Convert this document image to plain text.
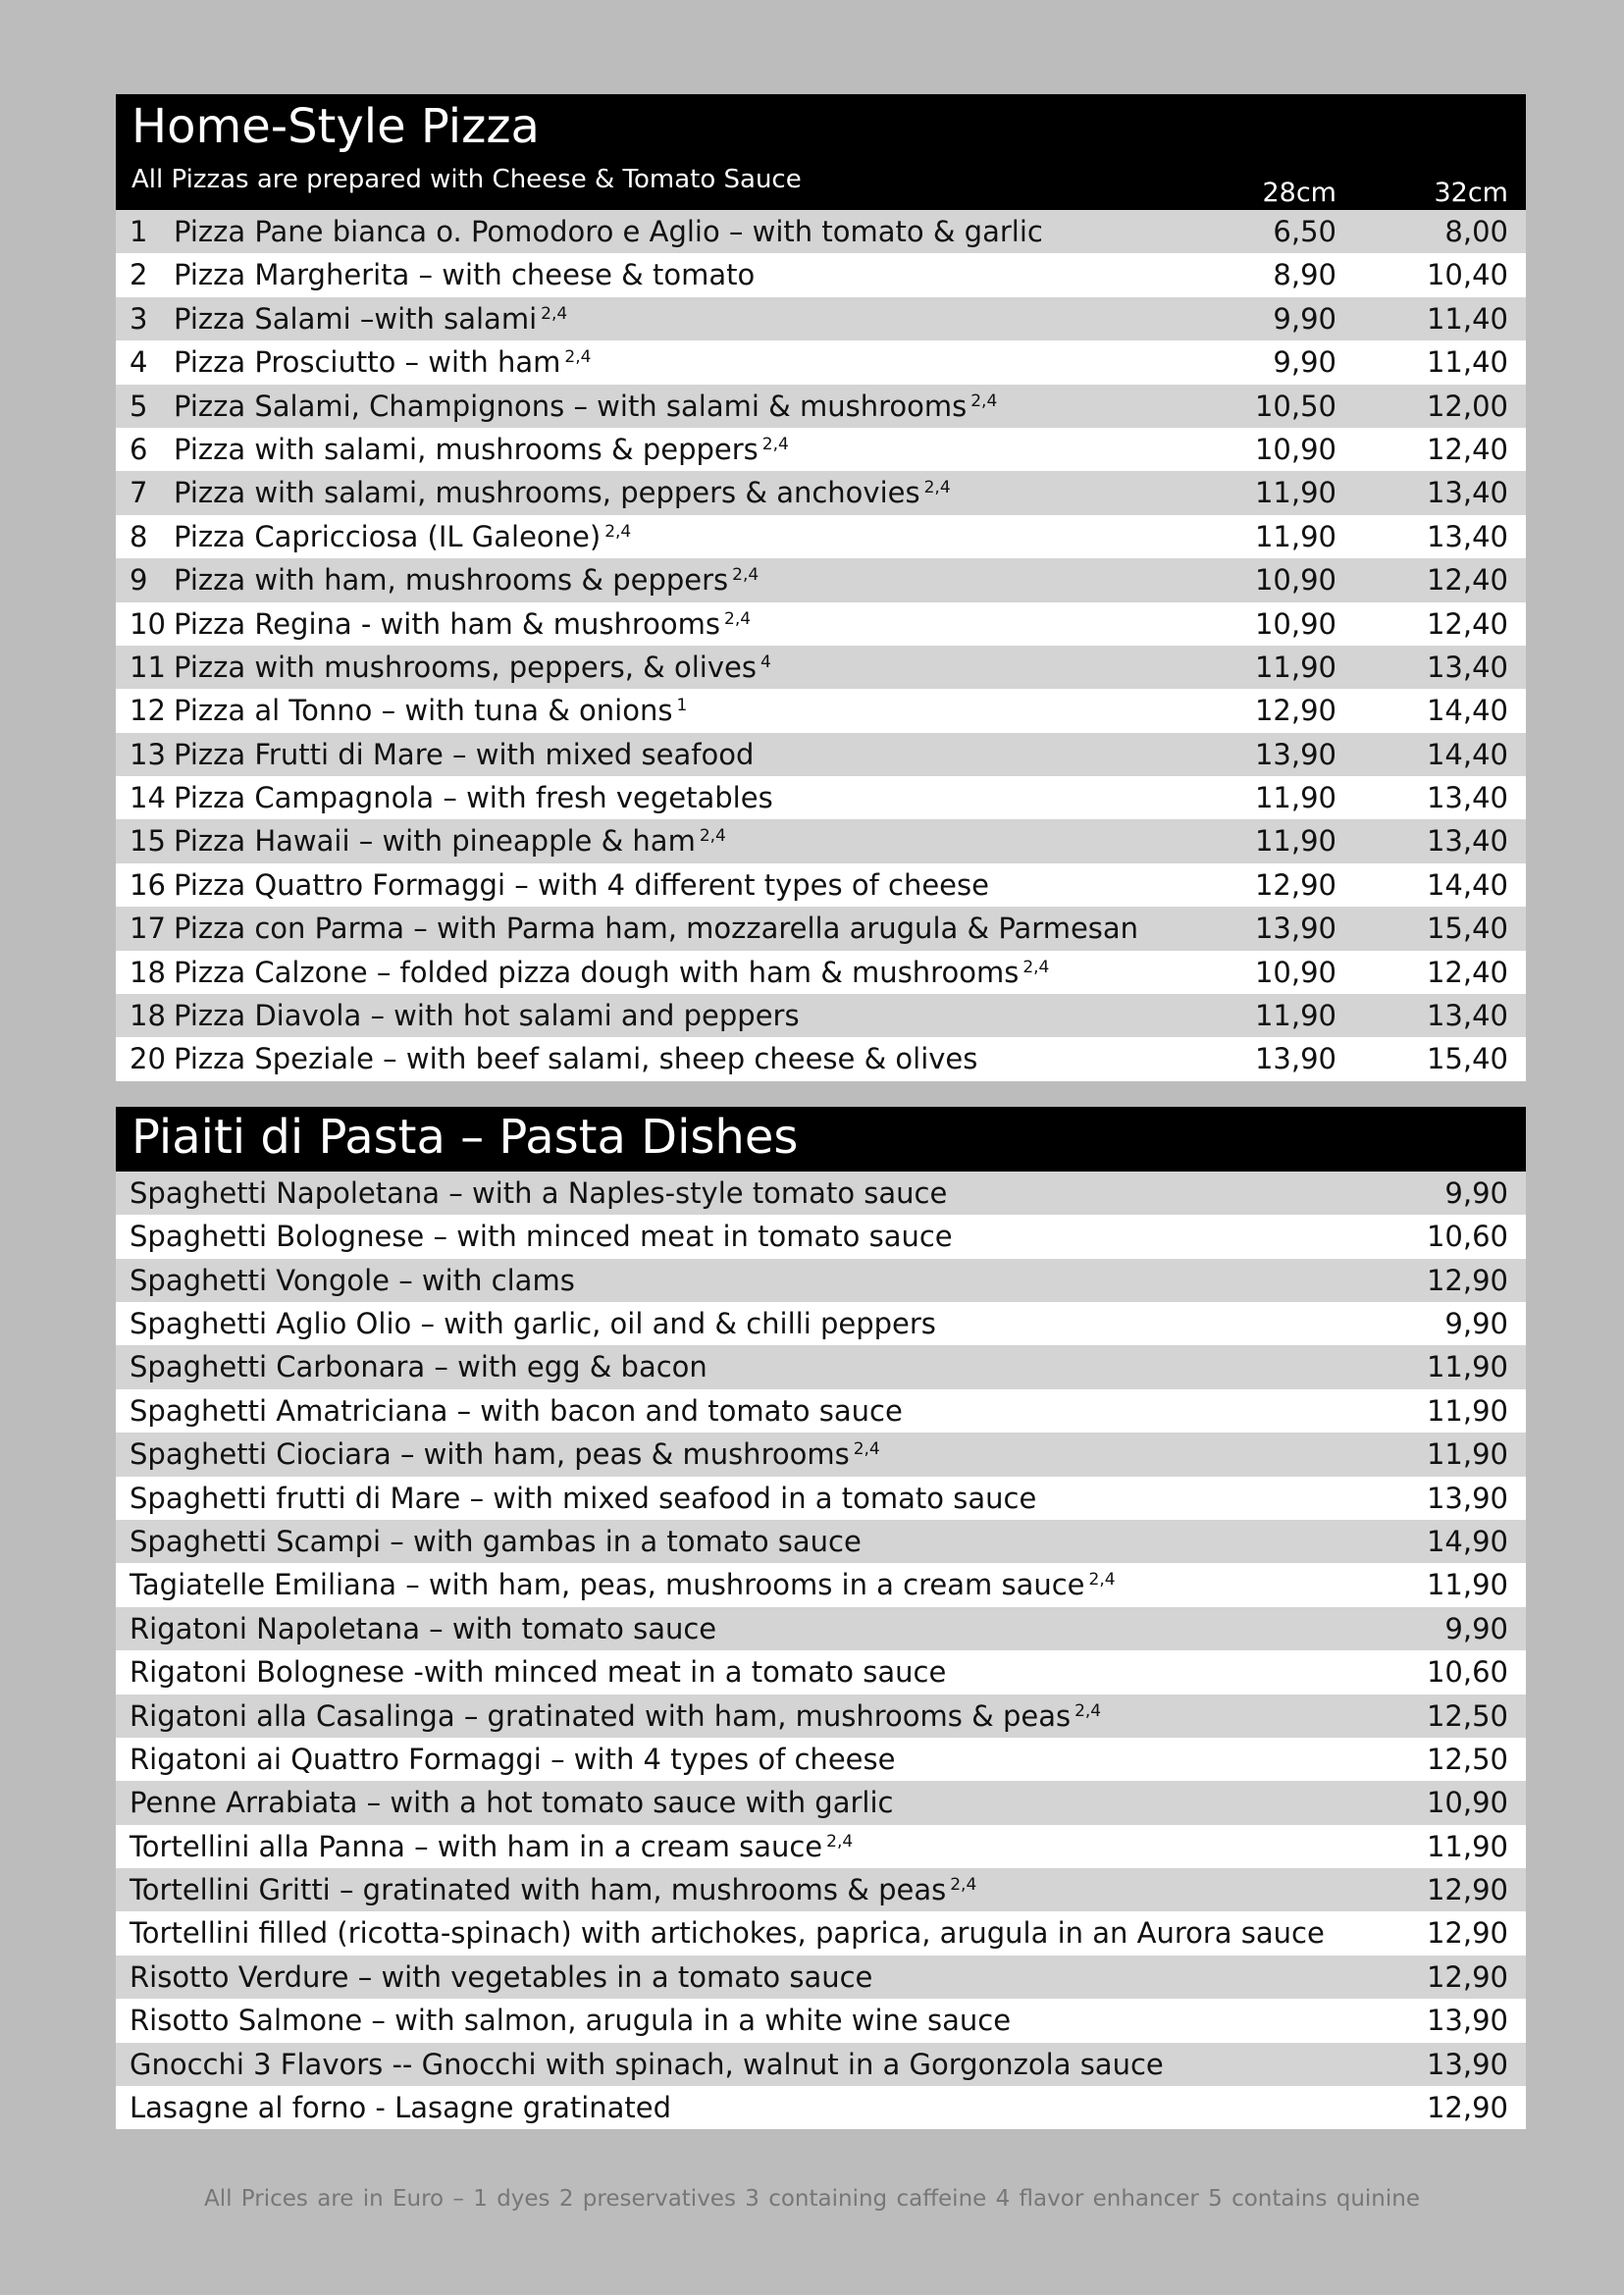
Home-Style Pizza
All Pizzas are prepared with Cheese & Tomato Sauce	28cm	32cm
1 Pizza Pane bianca o. Pomodoro e Aglio – with tomato & garlic	6,50	8,00
2 Pizza Margherita – with cheese & tomato	8,90	10,40
3 Pizza Salami –with salami $^{2,4}$	9,90	11,40
4 Pizza Prosciutto – with ham $^{2,4}$	9,90	11,40
5 Pizza Salami, Champignons – with salami & mushrooms $^{2,4}$	10,50	12,00
6 Pizza with salami, mushrooms & peppers $^{2,4}$	10,90	12,40
7 Pizza with salami, mushrooms, peppers & anchovies $^{2,4}$	11,90	13,40
8 Pizza Capricciosa (IL Galeone) $^{2,4}$	11,90	13,40
9 Pizza with ham, mushrooms & peppers $^{2,4}$	10,90	12,40
10 Pizza Regina - with ham & mushrooms $^{2,4}$	10,90	12,40
11 Pizza with mushrooms, peppers, & olives $^4$	11,90	13,40
12 Pizza al Tonno – with tuna & onions $^1$	12,90	14,40
13 Pizza Frutti di Mare – with mixed seafood	13,90	14,40
14 Pizza Campagnola – with fresh vegetables	11,90	13,40
15 Pizza Hawaii – with pineapple & ham $^{2,4}$	11,90	13,40
16 Pizza Quattro Formaggi – with 4 different types of cheese	12,90	14,40
17 Pizza con Parma – with Parma ham, mozzarella arugula & Parmesan	13,90	15,40
18 Pizza Calzone – folded pizza dough with ham & mushrooms $^{2,4}$	10,90	12,40
18 Pizza Diavola – with hot salami and peppers	11,90	13,40
20 Pizza Speziale – with beef salami, sheep cheese & olives	13,90	15,40
Piaiti di Pasta – Pasta Dishes
Spaghetti Napoletana – with a Naples-style tomato sauce	9,90
Spaghetti Bolognese – with minced meat in tomato sauce	10,60
Spaghetti Vongole – with clams	12,90
Spaghetti Aglio Olio – with garlic, oil and & chilli peppers	9,90
Spaghetti Carbonara – with egg & bacon	11,90
Spaghetti Amatriciana – with bacon and tomato sauce	11,90
Spaghetti Ciociara – with ham, peas & mushrooms $^{2,4}$	11,90
Spaghetti frutti di Mare – with mixed seafood in a tomato sauce	13,90
Spaghetti Scampi – with gambas in a tomato sauce	14,90
Tagiatelle Emiliana – with ham, peas, mushrooms in a cream sauce $^{2,4}$	11,90
Rigatoni Napoletana – with tomato sauce	9,90
Rigatoni Bolognese -with minced meat in a tomato sauce	10,60
Rigatoni alla Casalinga – gratinated with ham, mushrooms & peas $^{2,4}$	12,50
Rigatoni ai Quattro Formaggi – with 4 types of cheese	12,50
Penne Arrabiata – with a hot tomato sauce with garlic	10,90
Tortellini alla Panna – with ham in a cream sauce $^{2,4}$	11,90
Tortellini Gritti – gratinated with ham, mushrooms & peas $^{2,4}$	12,90
Tortellini filled (ricotta-spinach) with artichokes, paprica, arugula in an Aurora sauce	12,90
Risotto Verdure – with vegetables in a tomato sauce	12,90
Risotto Salmone – with salmon, arugula in a white wine sauce	13,90
Gnocchi 3 Flavors -- Gnocchi with spinach, walnut in a Gorgonzola sauce	13,90
Lasagne al forno - Lasagne gratinated	12,90
All Prices are in Euro – 1 dyes 2 preservatives 3 containing caffeine 4 flavor enhancer 5 contains quinine
